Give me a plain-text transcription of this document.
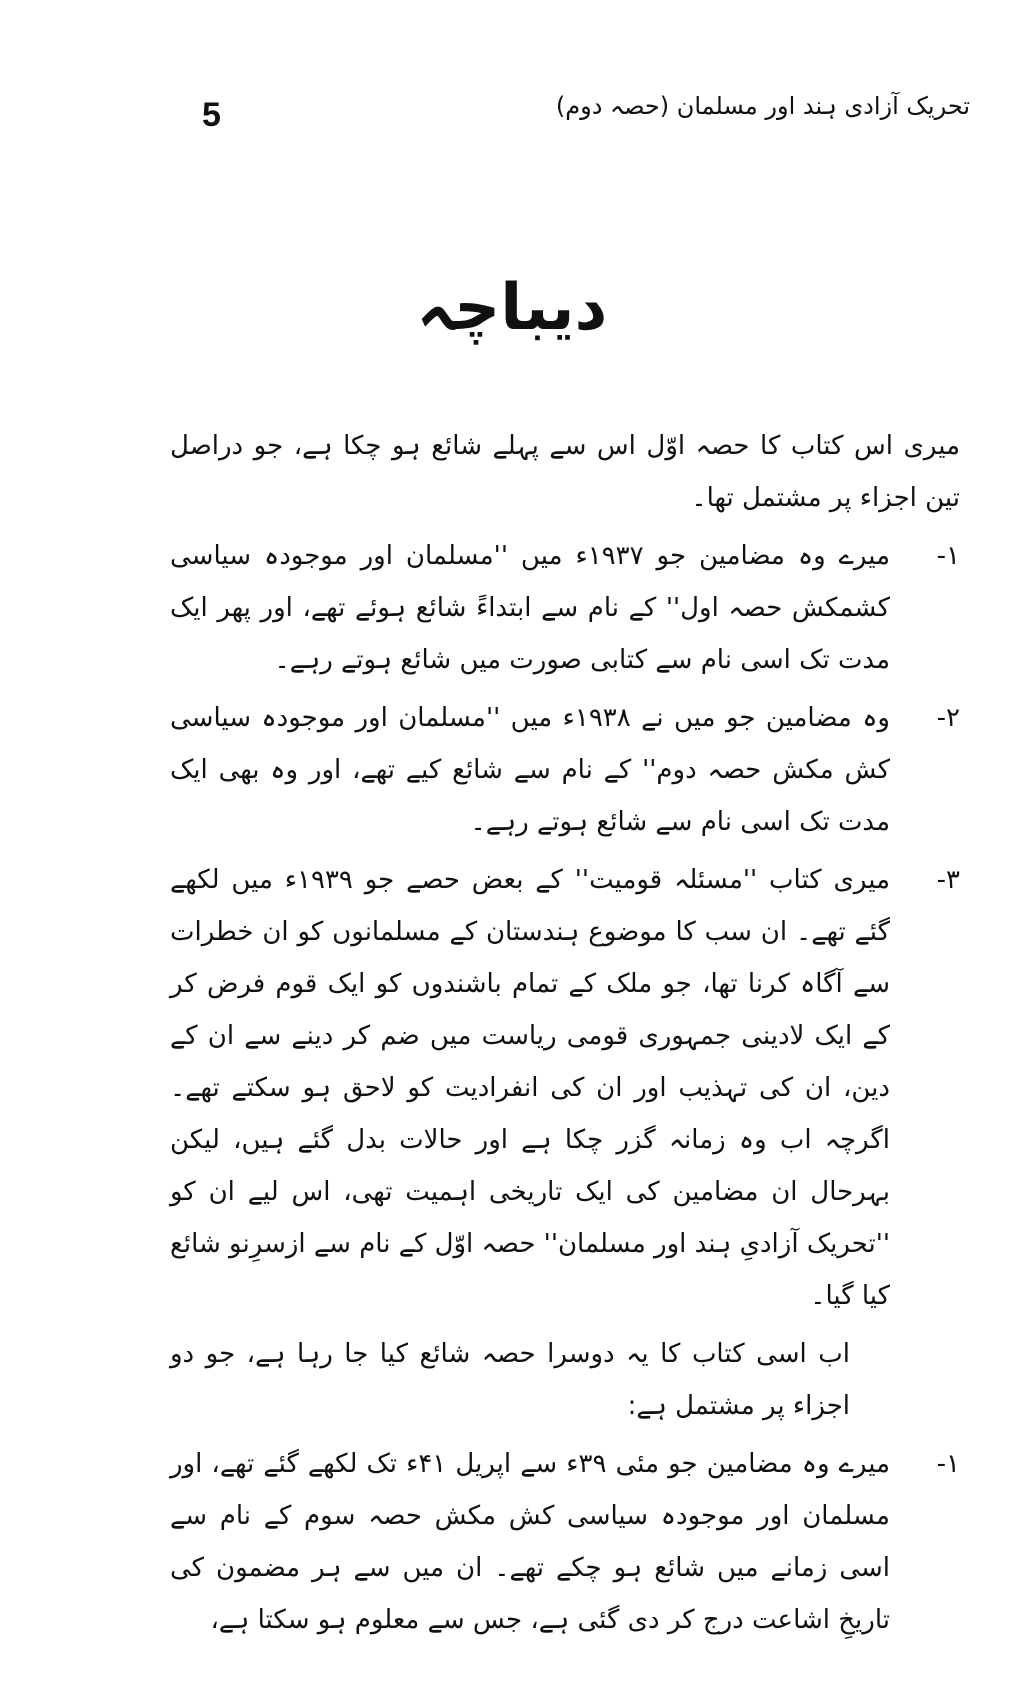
5	تحریک آزادی ہند اور مسلمان (حصہ دوم)
دیباچہ

میری اس کتاب کا حصہ اوّل اس سے پہلے شائع ہو چکا ہے، جو دراصل تین اجزاء پر مشتمل تھا۔

۱-
میرے وہ مضامین جو ۱۹۳۷ء میں ''مسلمان اور موجودہ سیاسی کشمکش حصہ اول'' کے نام سے ابتداءً شائع ہوئے تھے، اور پھر ایک مدت تک اسی نام سے کتابی صورت میں شائع ہوتے رہے۔
۲-
وہ مضامین جو میں نے ۱۹۳۸ء میں ''مسلمان اور موجودہ سیاسی کش مکش حصہ دوم'' کے نام سے شائع کیے تھے، اور وہ بھی ایک مدت تک اسی نام سے شائع ہوتے رہے۔
۳-
میری کتاب ''مسئلہ قومیت'' کے بعض حصے جو ۱۹۳۹ء میں لکھے گئے تھے۔ ان سب کا موضوع ہندستان کے مسلمانوں کو ان خطرات سے آگاہ کرنا تھا، جو ملک کے تمام باشندوں کو ایک قوم فرض کر کے ایک لادینی جمہوری قومی ریاست میں ضم کر دینے سے ان کے دین، ان کی تہذیب اور ان کی انفرادیت کو لاحق ہو سکتے تھے۔ اگرچہ اب وہ زمانہ گزر چکا ہے اور حالات بدل گئے ہیں، لیکن بہرحال ان مضامین کی ایک تاریخی اہمیت تھی، اس لیے ان کو ''تحریک آزادیِ ہند اور مسلمان'' حصہ اوّل کے نام سے ازسرِنو شائع کیا گیا۔

اب اسی کتاب کا یہ دوسرا حصہ شائع کیا جا رہا ہے، جو دو اجزاء پر مشتمل ہے:

۱-
میرے وہ مضامین جو مئی ۳۹ء سے اپریل ۴۱ء تک لکھے گئے تھے، اور مسلمان اور موجودہ سیاسی کش مکش حصہ سوم کے نام سے اسی زمانے میں شائع ہو چکے تھے۔ ان میں سے ہر مضمون کی تاریخِ اشاعت درج کر دی گئی ہے، جس سے معلوم ہو سکتا ہے،
